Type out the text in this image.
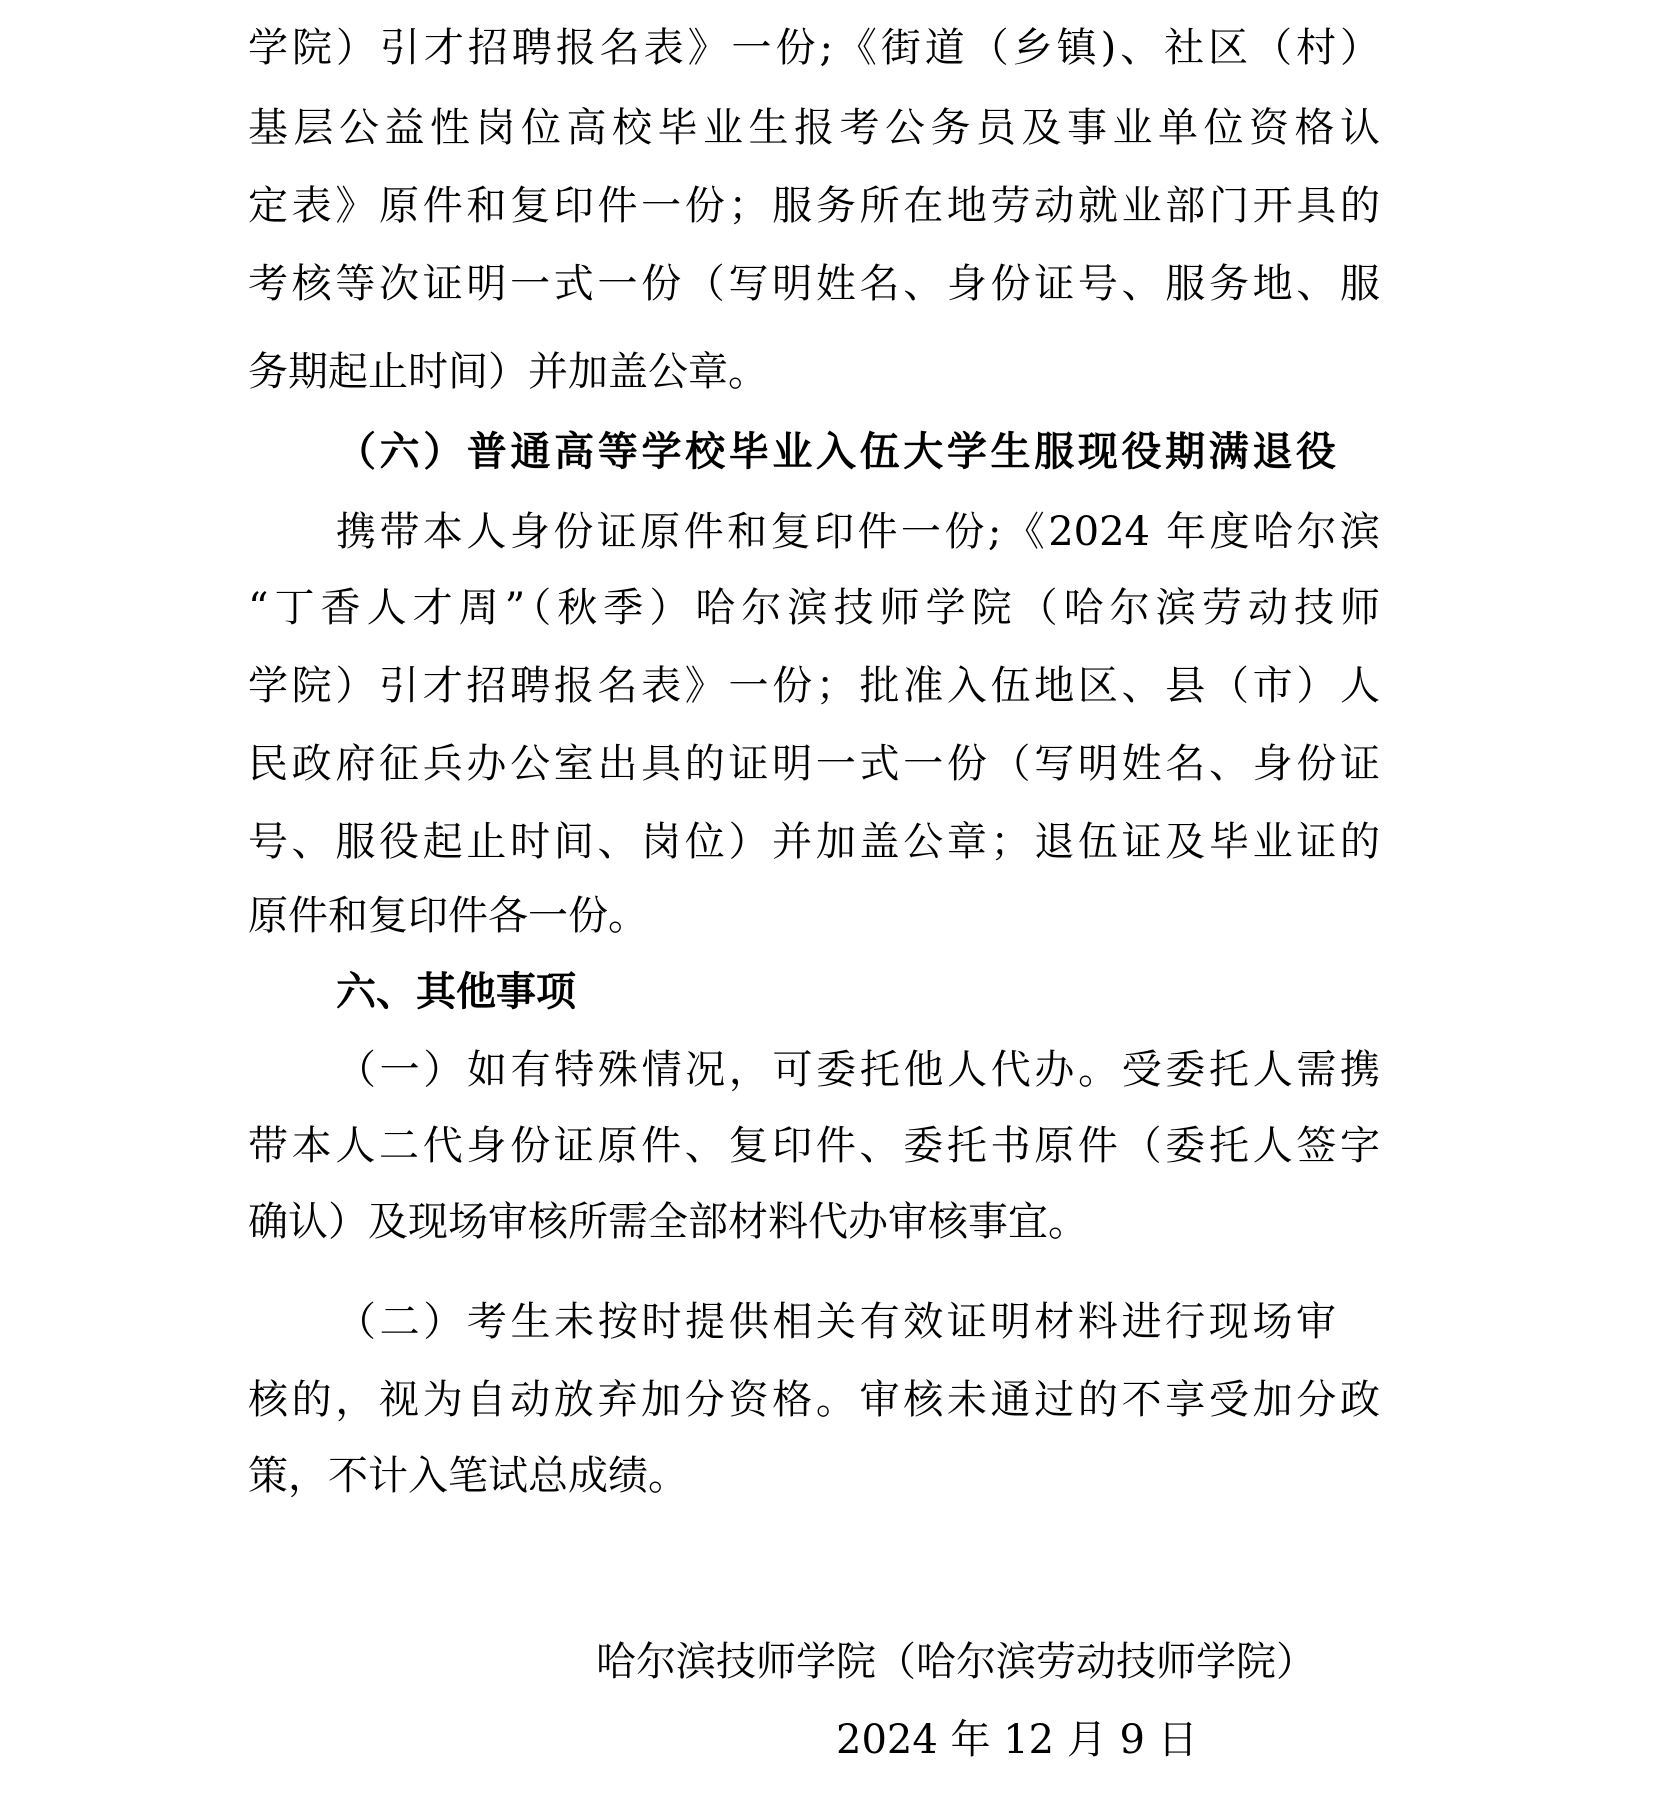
学院）引才招聘报名表》一份;《街道（乡镇)、社区（村）
基层公益性岗位高校毕业生报考公务员及事业单位资格认
定表》原件和复印件一份；服务所在地劳动就业部门开具的
考核等次证明一式一份（写明姓名、身份证号、服务地、服
务期起止时间）并加盖公章。
（六）普通高等学校毕业入伍大学生服现役期满退役
携带本人身份证原件和复印件一份;《2024 年度哈尔滨
“丁香人才周”（秋季）哈尔滨技师学院（哈尔滨劳动技师
学院）引才招聘报名表》一份；批准入伍地区、县（市）人
民政府征兵办公室出具的证明一式一份（写明姓名、身份证
号、服役起止时间、岗位）并加盖公章；退伍证及毕业证的
原件和复印件各一份。
六、其他事项
（一）如有特殊情况，可委托他人代办。受委托人需携
带本人二代身份证原件、复印件、委托书原件（委托人签字
确认）及现场审核所需全部材料代办审核事宜。
（二）考生未按时提供相关有效证明材料进行现场审
核的，视为自动放弃加分资格。审核未通过的不享受加分政
策，不计入笔试总成绩。
哈尔滨技师学院（哈尔滨劳动技师学院）
2024 年 12 月 9 日
